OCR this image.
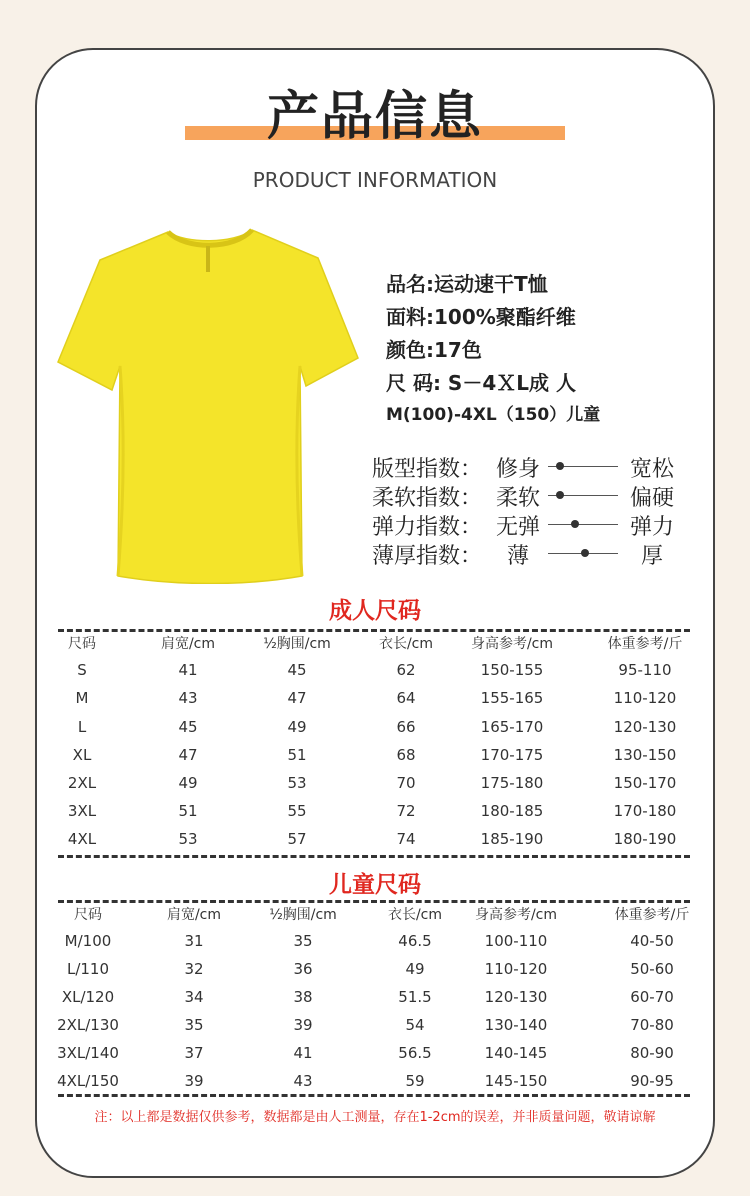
产品信息
PRODUCT INFORMATION
品名:运动速干T恤
面料:100%聚酯纤维
颜色:17色
尺 码: S－4ＸL成 人
M(100)-4XL（150）儿童
版型指数： 修身	宽松
柔软指数： 柔软	偏硬
弹力指数： 无弹	弹力
薄厚指数：	薄	厚
成人尺码
尺码	肩宽/cm	½胸围/cm	衣长/cm	身高参考/cm	体重参考/斤
S	41	45	62	150-155	95-110
M	43	47	64	155-165	110-120
L	45	49	66	165-170	120-130
XL	47	51	68	170-175	130-150
2XL	49	53	70	175-180	150-170
3XL	51	55	72	180-185	170-180
4XL	53	57	74	185-190	180-190
儿童尺码
尺码	肩宽/cm	½胸围/cm	衣长/cm	身高参考/cm	体重参考/斤
M/100	31	35	46.5	100-110	40-50
L/110	32	36	49	110-120	50-60
XL/120	34	38	51.5	120-130	60-70
2XL/130	35	39	54	130-140	70-80
3XL/140	37	41	56.5	140-145	80-90
4XL/150	39	43	59	145-150	90-95
注：以上都是数据仅供参考，数据都是由人工测量，存在1-2cm的误差，并非质量问题，敬请谅解
